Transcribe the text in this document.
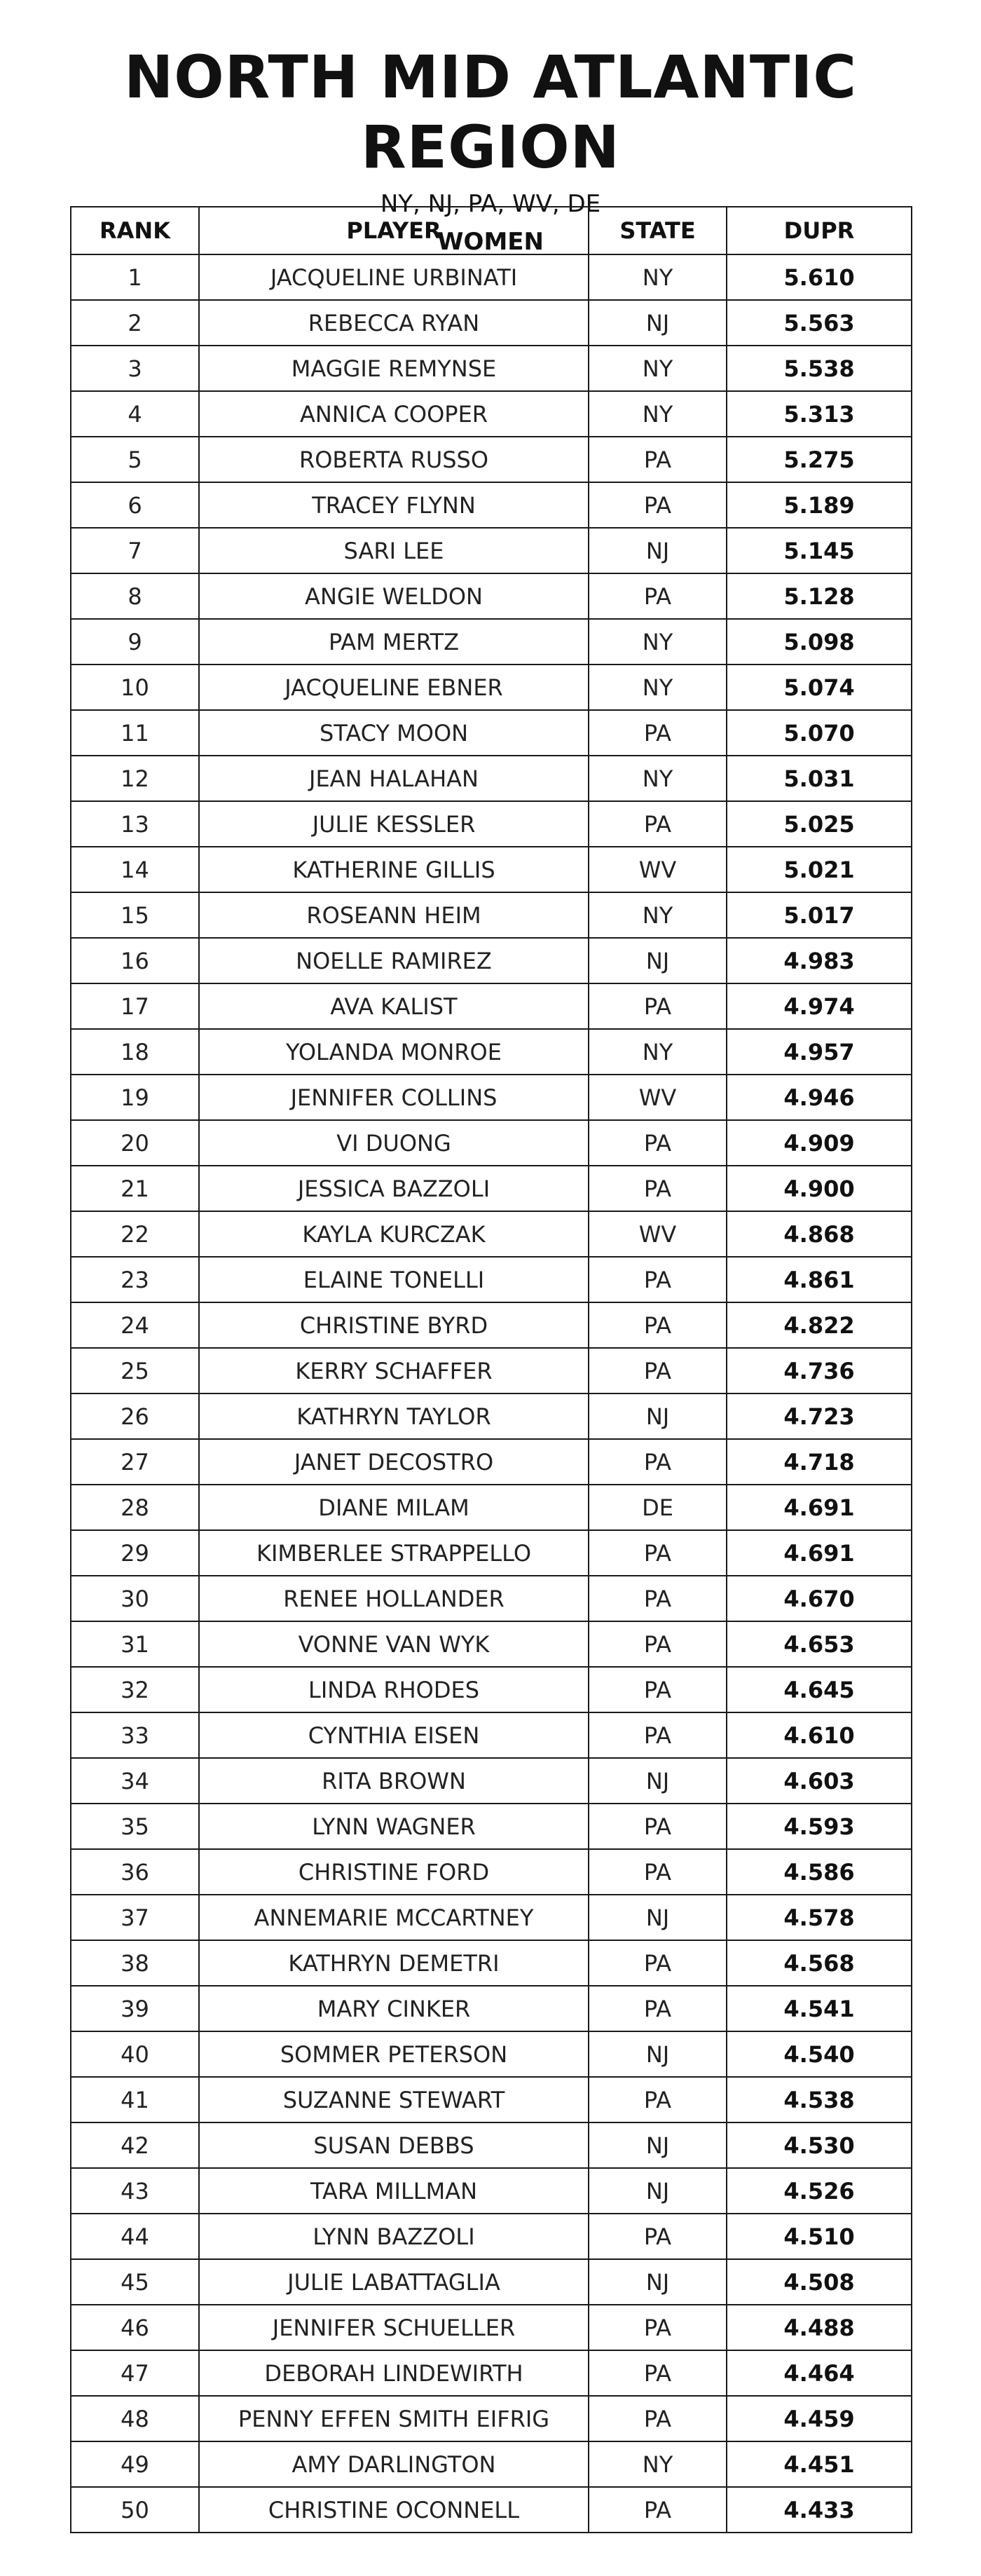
NORTH MID ATLANTIC REGION
NY, NJ, PA, WV, DE
WOMEN
RANK	PLAYER	STATE	DUPR
1	JACQUELINE URBINATI	NY	5.610
2	REBECCA RYAN	NJ	5.563
3	MAGGIE REMYNSE	NY	5.538
4	ANNICA COOPER	NY	5.313
5	ROBERTA RUSSO	PA	5.275
6	TRACEY FLYNN	PA	5.189
7	SARI LEE	NJ	5.145
8	ANGIE WELDON	PA	5.128
9	PAM MERTZ	NY	5.098
10	JACQUELINE EBNER	NY	5.074
11	STACY MOON	PA	5.070
12	JEAN HALAHAN	NY	5.031
13	JULIE KESSLER	PA	5.025
14	KATHERINE GILLIS	WV	5.021
15	ROSEANN HEIM	NY	5.017
16	NOELLE RAMIREZ	NJ	4.983
17	AVA KALIST	PA	4.974
18	YOLANDA MONROE	NY	4.957
19	JENNIFER COLLINS	WV	4.946
20	VI DUONG	PA	4.909
21	JESSICA BAZZOLI	PA	4.900
22	KAYLA KURCZAK	WV	4.868
23	ELAINE TONELLI	PA	4.861
24	CHRISTINE BYRD	PA	4.822
25	KERRY SCHAFFER	PA	4.736
26	KATHRYN TAYLOR	NJ	4.723
27	JANET DECOSTRO	PA	4.718
28	DIANE MILAM	DE	4.691
29	KIMBERLEE STRAPPELLO	PA	4.691
30	RENEE HOLLANDER	PA	4.670
31	VONNE VAN WYK	PA	4.653
32	LINDA RHODES	PA	4.645
33	CYNTHIA EISEN	PA	4.610
34	RITA BROWN	NJ	4.603
35	LYNN WAGNER	PA	4.593
36	CHRISTINE FORD	PA	4.586
37	ANNEMARIE MCCARTNEY	NJ	4.578
38	KATHRYN DEMETRI	PA	4.568
39	MARY CINKER	PA	4.541
40	SOMMER PETERSON	NJ	4.540
41	SUZANNE STEWART	PA	4.538
42	SUSAN DEBBS	NJ	4.530
43	TARA MILLMAN	NJ	4.526
44	LYNN BAZZOLI	PA	4.510
45	JULIE LABATTAGLIA	NJ	4.508
46	JENNIFER SCHUELLER	PA	4.488
47	DEBORAH LINDEWIRTH	PA	4.464
48	PENNY EFFEN SMITH EIFRIG	PA	4.459
49	AMY DARLINGTON	NY	4.451
50	CHRISTINE OCONNELL	PA	4.433
